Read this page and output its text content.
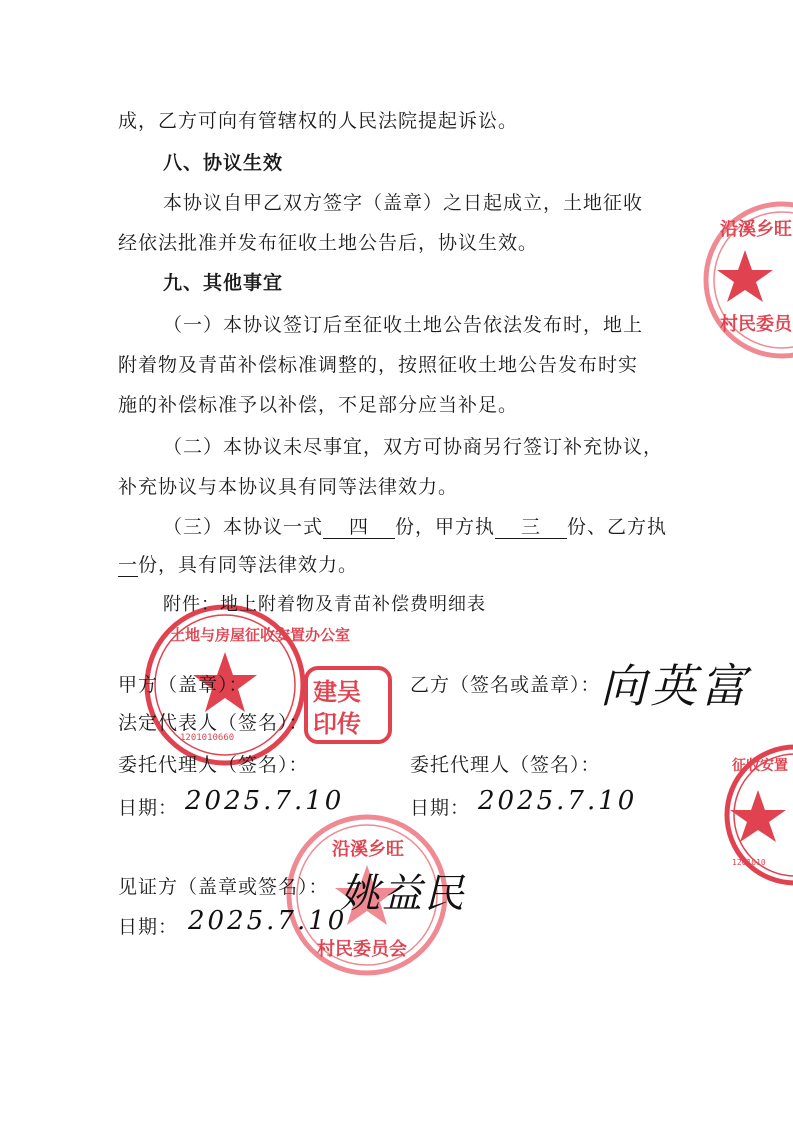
沿溪乡旺
村民委员
土地与房屋征收安置办公室
1201010660
建吴
印传
征收安置
1201010
沿溪乡旺
村民委员会
成，乙方可向有管辖权的人民法院提起诉讼。
八、协议生效
本协议自甲乙双方签字（盖章）之日起成立，土地征收
经依法批准并发布征收土地公告后，协议生效。
九、其他事宜
（一）本协议签订后至征收土地公告依法发布时，地上
附着物及青苗补偿标准调整的，按照征收土地公告发布时实
施的补偿标准予以补偿，不足部分应当补足。
（二）本协议未尽事宜，双方可协商另行签订补充协议，
补充协议与本协议具有同等法律效力。
（三）本协议一式 四 份，甲方执 三 份、乙方执
一份，具有同等法律效力。
附件：地上附着物及青苗补偿费明细表
甲方（盖章）：	乙方（签名或盖章）： 向英富
法定代表人（签名）：
委托代理人（签名）：	委托代理人（签名）：
日期： 2025.7.10	日期： 2025.7.10
见证方（盖章或签名）： 姚益民
日期： 2025.7.10
